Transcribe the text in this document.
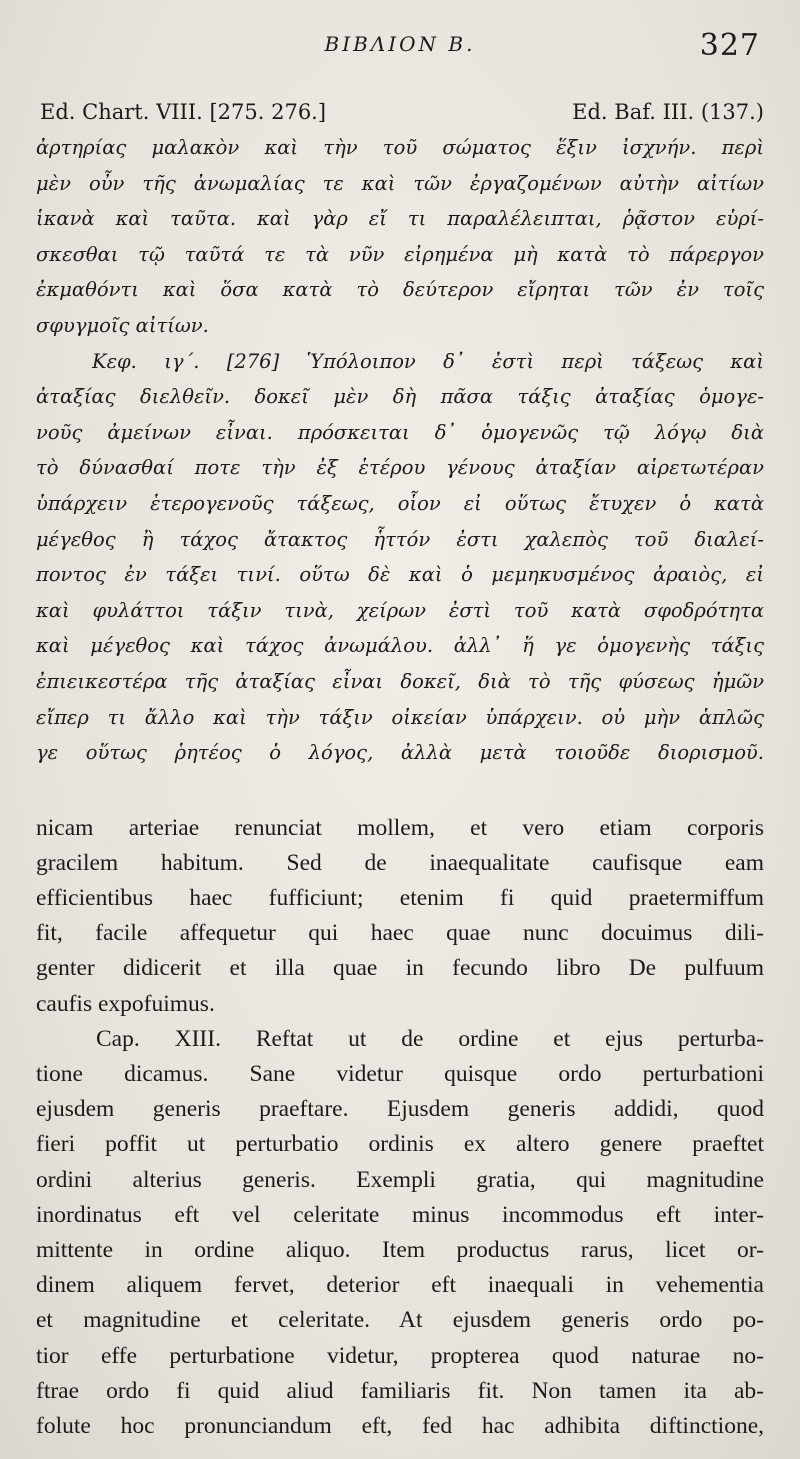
BIBΛIOΝ B.	327
Ed. Chart. VIII. [275. 276.]	Ed. Baf. III. (137.)
ἀρτηρίας μαλακὸν καὶ τὴν τοῦ σώματος ἕξιν ἰσχνήν. περὶ
μὲν οὖν τῆς ἀνωμαλίας τε καὶ τῶν ἐργαζομένων αὐτὴν αἰτίων
ἱκανὰ καὶ ταῦτα. καὶ γὰρ εἴ τι παραλέλειπται, ῥᾷστον εὑρί-
σκεσθαι τῷ ταῦτά τε τὰ νῦν εἰρημένα μὴ κατὰ τὸ πάρεργον
ἐκμαθόντι καὶ ὅσα κατὰ τὸ δεύτερον εἴρηται τῶν ἐν τοῖς
σφυγμοῖς αἰτίων.
Κεφ. ιγ΄. [276] Ὑπόλοιπον δ᾽ ἐστὶ περὶ τάξεως καὶ
ἀταξίας διελθεῖν. δοκεῖ μὲν δὴ πᾶσα τάξις ἀταξίας ὁμογε-
νοῦς ἀμείνων εἶναι. πρόσκειται δ᾽ ὁμογενῶς τῷ λόγῳ διὰ
τὸ δύνασθαί ποτε τὴν ἐξ ἑτέρου γένους ἀταξίαν αἱρετωτέραν
ὑπάρχειν ἑτερογενοῦς τάξεως, οἷον εἰ οὕτως ἔτυχεν ὁ κατὰ
μέγεθος ἢ τάχος ἄτακτος ἧττόν ἐστι χαλεπὸς τοῦ διαλεί-
ποντος ἐν τάξει τινί. οὕτω δὲ καὶ ὁ μεμηκυσμένος ἀραιὸς, εἰ
καὶ φυλάττοι τάξιν τινὰ, χείρων ἐστὶ τοῦ κατὰ σφοδρότητα
καὶ μέγεθος καὶ τάχος ἀνωμάλου. ἀλλ᾽ ἥ γε ὁμογενὴς τάξις
ἐπιεικεστέρα τῆς ἀταξίας εἶναι δοκεῖ, διὰ τὸ τῆς φύσεως ἡμῶν
εἴπερ τι ἄλλο καὶ τὴν τάξιν οἰκείαν ὑπάρχειν. οὐ μὴν ἁπλῶς
γε οὕτως ῥητέος ὁ λόγος, ἀλλὰ μετὰ τοιοῦδε διορισμοῦ.
nicam arteriae renunciat mollem, et vero etiam corporis
gracilem habitum. Sed de inaequalitate caufisque eam
efficientibus haec fufficiunt; etenim fi quid praetermiffum
fit, facile affequetur qui haec quae nunc docuimus dili-
genter didicerit et illa quae in fecundo libro De pulfuum
caufis expofuimus.
Cap. XIII. Reftat ut de ordine et ejus perturba-
tione dicamus. Sane videtur quisque ordo perturbationi
ejusdem generis praeftare. Ejusdem generis addidi, quod
fieri poffit ut perturbatio ordinis ex altero genere praeftet
ordini alterius generis. Exempli gratia, qui magnitudine
inordinatus eft vel celeritate minus incommodus eft inter-
mittente in ordine aliquo. Item productus rarus, licet or-
dinem aliquem fervet, deterior eft inaequali in vehementia
et magnitudine et celeritate. At ejusdem generis ordo po-
tior effe perturbatione videtur, propterea quod naturae no-
ftrae ordo fi quid aliud familiaris fit. Non tamen ita ab-
folute hoc pronunciandum eft, fed hac adhibita diftinctione,
